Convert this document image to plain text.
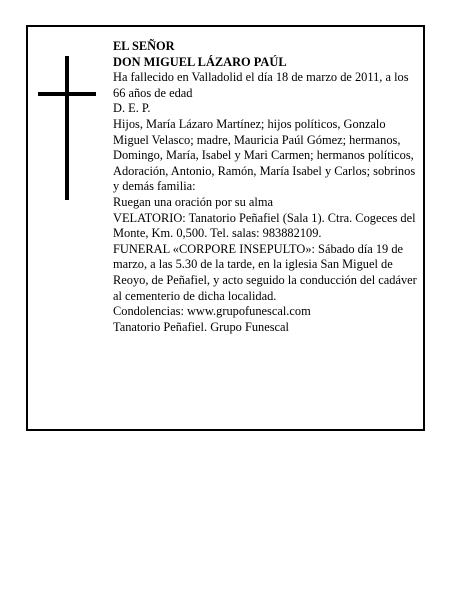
EL SEÑOR

DON MIGUEL LÁZARO PAÚL

Ha fallecido en Valladolid el día 18 de marzo de 2011, a los 66 años de edad

D. E. P.

Hijos, María Lázaro Martínez; hijos políticos, Gonzalo Miguel Velasco; madre, Mauricia Paúl Gómez; hermanos, Domingo, María, Isabel y Mari Carmen; hermanos políticos, Adoración, Antonio, Ramón, María Isabel y Carlos; sobrinos y demás familia:

Ruegan una oración por su alma

VELATORIO: Tanatorio Peñafiel (Sala 1). Ctra. Cogeces del Monte, Km. 0,500. Tel. salas: 983882109.

FUNERAL «CORPORE INSEPULTO»: Sábado día 19 de marzo, a las 5.30 de la tarde, en la iglesia San Miguel de Reoyo, de Peñafiel, y acto seguido la conducción del cadáver al cementerio de dicha localidad.

Condolencias: www.grupofunescal.com

Tanatorio Peñafiel. Grupo Funescal
